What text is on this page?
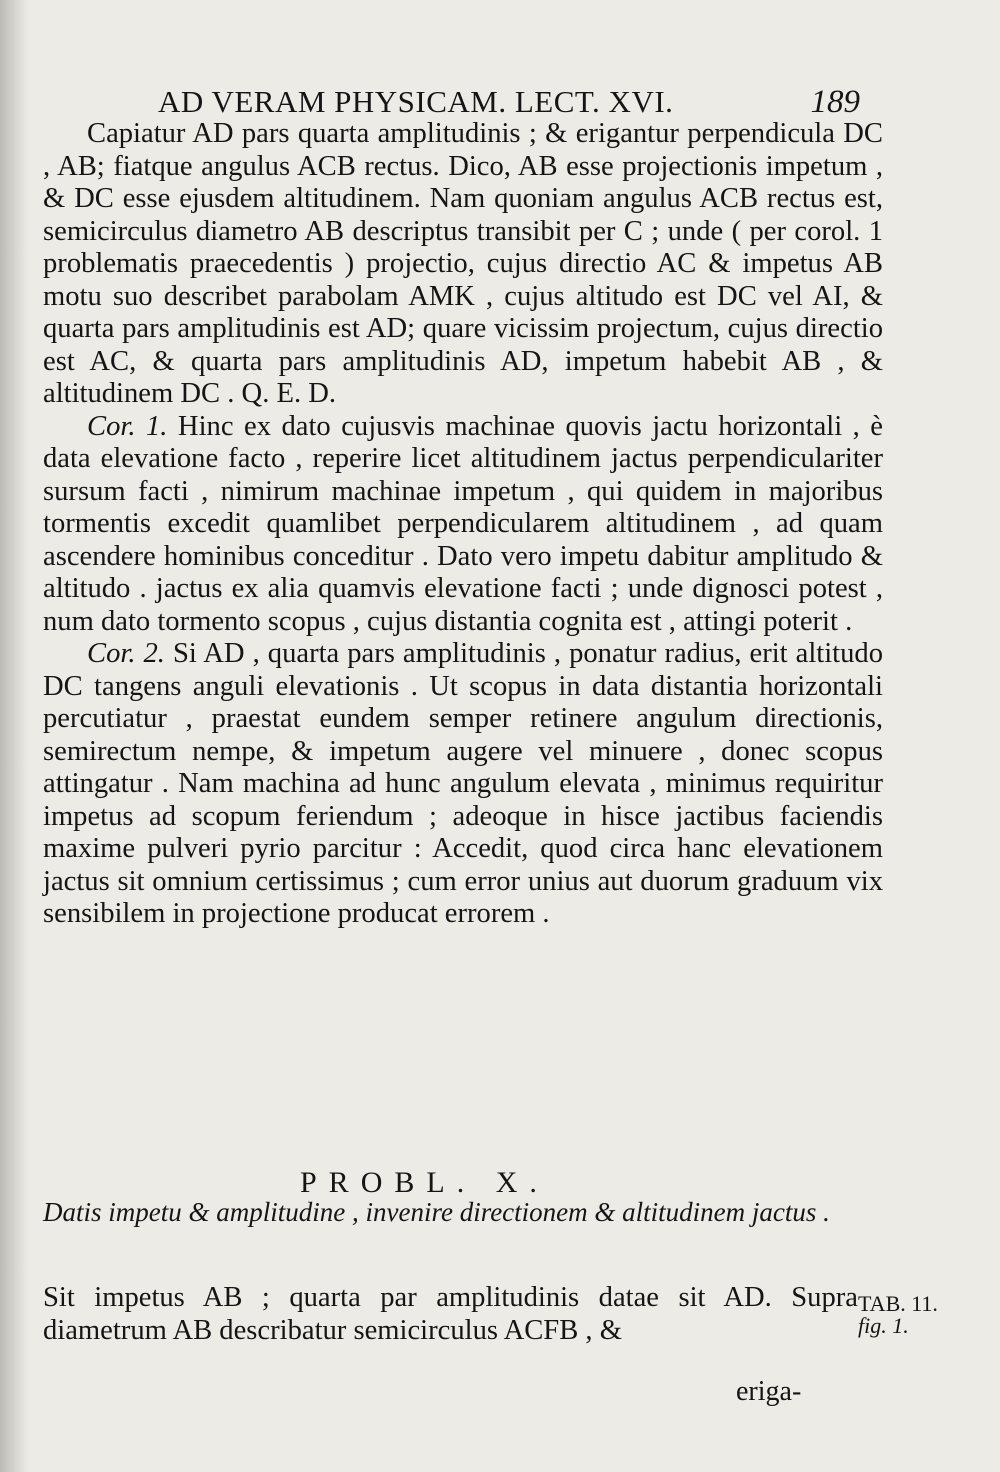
AD VERAM PHYSICAM. LECT. XVI.	189

Capiatur AD pars quarta amplitudinis ; & erigantur perpendicula DC , AB; fiatque angulus ACB rectus. Dico, AB esse projectionis impetum , & DC esse ejusdem altitudinem. Nam quoniam angulus ACB rectus est, semicirculus diametro AB descriptus transibit per C ; unde ( per corol. 1 problematis praecedentis ) projectio, cujus directio AC & impetus AB motu suo describet parabolam AMK , cujus altitudo est DC vel AI, & quarta pars amplitudinis est AD; quare vicissim projectum, cujus directio est AC, & quarta pars amplitudinis AD, impetum habebit AB , & altitudinem DC . Q. E. D.

Cor. 1. Hinc ex dato cujusvis machinae quovis jactu horizontali , è data elevatione facto , reperire licet altitudinem jactus perpendiculariter sursum facti , nimirum machinae impetum , qui quidem in majoribus tormentis excedit quamlibet perpendicularem altitudinem , ad quam ascendere hominibus conceditur . Dato vero impetu dabitur amplitudo & altitudo . jactus ex alia quamvis elevatione facti ; unde dignosci potest , num dato tormento scopus , cujus distantia cognita est , attingi poterit .

Cor. 2. Si AD , quarta pars amplitudinis , ponatur radius, erit altitudo DC tangens anguli elevationis . Ut scopus in data distantia horizontali percutiatur , praestat eundem semper retinere angulum directionis, semirectum nempe, & impetum augere vel minuere , donec scopus attingatur . Nam machina ad hunc angulum elevata , minimus requiritur impetus ad scopum feriendum ; adeoque in hisce jactibus faciendis maxime pulveri pyrio parcitur : Accedit, quod circa hanc elevationem jactus sit omnium certissimus ; cum error unius aut duorum graduum vix sensibilem in projectione producat errorem .

PROBL. X.
Datis impetu & amplitudine , invenire directionem & altitudinem jactus .
Sit impetus AB ; quarta par amplitudinis datae sit AD. Supra diametrum AB describatur semicirculus ACFB , &
TAB. 11.
fig. 1.
eriga-
